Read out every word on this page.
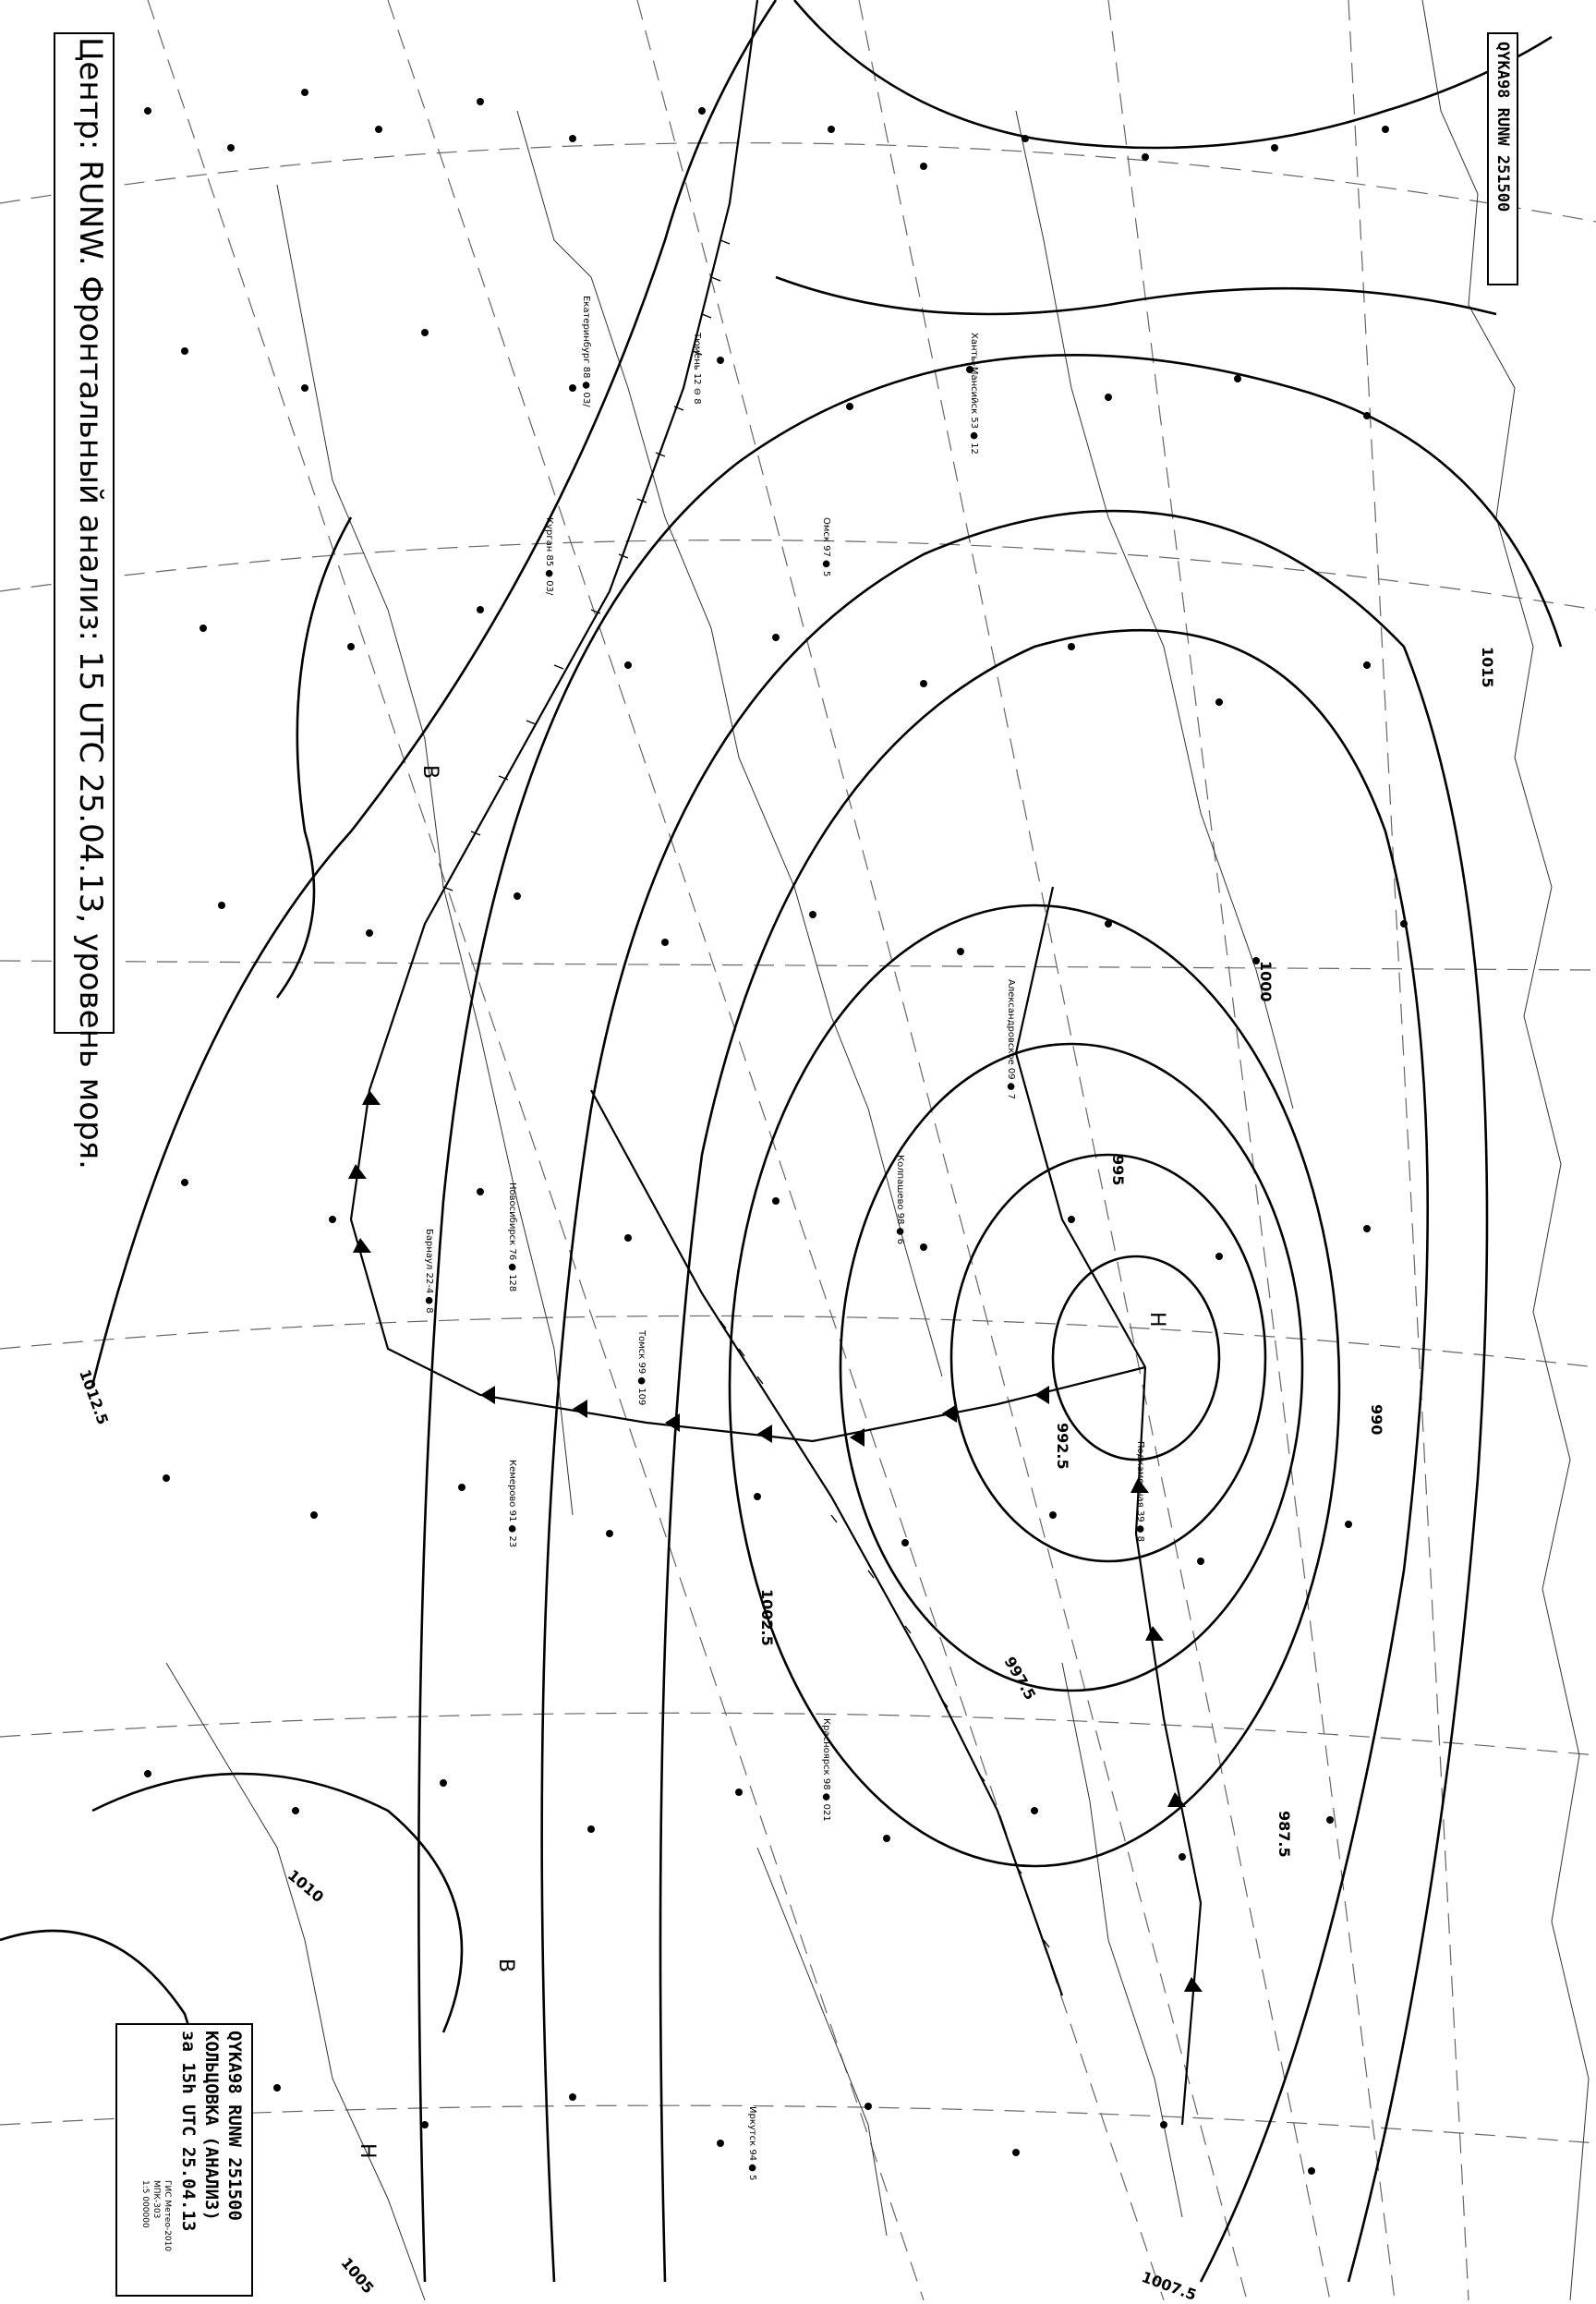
Центр: RUNW. Фронтальный анализ: 15 UTC 25.04.13, уровень моря.	QYKA98 RUNW 251500
QYKA98 RUNW 251500
КОЛЬЦОВКА (АНАЛИЗ)
за 15h UTC 25.04.13
ГИС Метео-2010
МПК-303
1:5 000000
1015
1012.5
1010
1007.5
1005
1002.5
1000
997.5
995
992.5
990
987.5
В
В
Н
Н
Екатеринбург 88 ● 03/
Курган 85 ● 03/
Тюмень 12 ⊖ 8
Омск 97 ● 5
Новосибирск 76 ● 128
Барнаул 22-4 ● 8
Томск 99 ● 109
Кемерово 91 ● 23
Красноярск 98 ● 021
Иркутск 94 ● 5
Александровское 09 ● 7
Колпашево 98 ● 6
Подкаменная 39 ● 8
Ханты-Мансийск 53 ● 12
